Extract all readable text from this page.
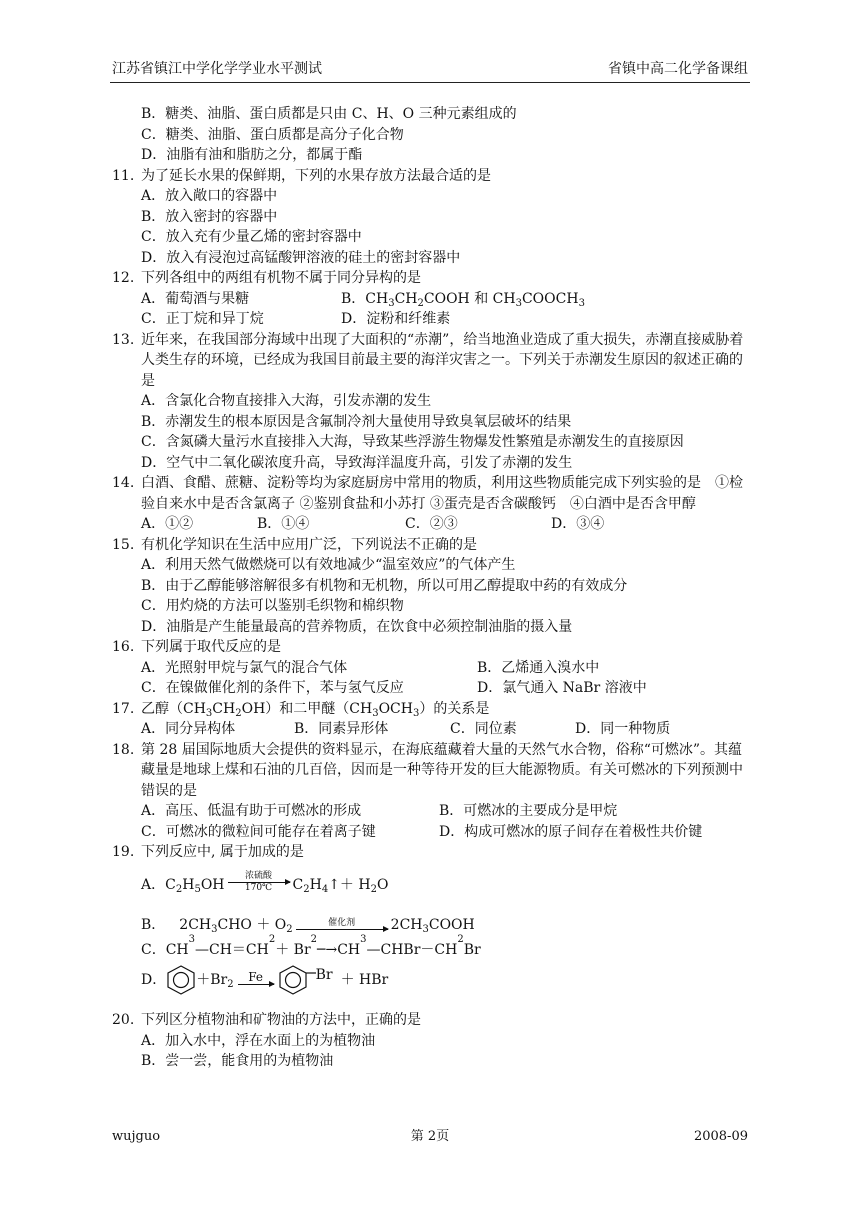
江苏省镇江中学化学学业水平测试	省镇中高二化学备课组
B．糖类、油脂、蛋白质都是只由 C、H、O 三种元素组成的
C．糖类、油脂、蛋白质都是高分子化合物
D．油脂有油和脂肪之分，都属于酯
11. 为了延长水果的保鲜期，下列的水果存放方法最合适的是
A．放入敞口的容器中
B．放入密封的容器中
C．放入充有少量乙烯的密封容器中
D．放入有浸泡过高锰酸钾溶液的硅土的密封容器中
12. 下列各组中的两组有机物不属于同分异构的是
A．葡萄酒与果糖	B．$CH_3CH_2COOH$ 和 $CH_3COOCH_3$
C．正丁烷和异丁烷	D．淀粉和纤维素
13. 近年来，在我国部分海域中出现了大面积的“赤潮”，给当地渔业造成了重大损失，赤潮直接威胁着人类生存的环境，已经成为我国目前最主要的海洋灾害之一。下列关于赤潮发生原因的叙述正确的是
A．含氯化合物直接排入大海，引发赤潮的发生
B．赤潮发生的根本原因是含氟制冷剂大量使用导致臭氧层破坏的结果
C．含氮磷大量污水直接排入大海，导致某些浮游生物爆发性繁殖是赤潮发生的直接原因
D．空气中二氧化碳浓度升高，导致海洋温度升高，引发了赤潮的发生
14. 白酒、食醋、蔗糖、淀粉等均为家庭厨房中常用的物质，利用这些物质能完成下列实验的是　①检验自来水中是否含氯离子 ②鉴别食盐和小苏打 ③蛋壳是否含碳酸钙　④白酒中是否含甲醇
A．①②	B．①④	C．②③	D．③④
15. 有机化学知识在生活中应用广泛，下列说法不正确的是
A．利用天然气做燃烧可以有效地减少“温室效应”的气体产生
B．由于乙醇能够溶解很多有机物和无机物，所以可用乙醇提取中药的有效成分
C．用灼烧的方法可以鉴别毛织物和棉织物
D．油脂是产生能量最高的营养物质，在饮食中必须控制油脂的摄入量
16. 下列属于取代反应的是
A．光照射甲烷与氯气的混合气体	B．乙烯通入溴水中
C．在镍做催化剂的条件下，苯与氢气反应	D．氯气通入 NaBr 溶液中
17. 乙醇$(CH_3CH_2OH)$和二甲醚$(CH_3OCH_3)$的关系是
A．同分异构体	B．同素异形体	C．同位素	D．同一种物质
18. 第 28 届国际地质大会提供的资料显示，在海底蕴藏着大量的天然气水合物，俗称“可燃冰”。其蕴藏量是地球上煤和石油的几百倍，因而是一种等待开发的巨大能源物质。有关可燃冰的下列预测中错误的是
A．高压、低温有助于可燃冰的形成	B．可燃冰的主要成分是甲烷
C．可燃冰的微粒间可能存在着离子键	D．构成可燃冰的原子间存在着极性共价键
19. 下列反应中, 属于加成的是
A． $C_2H_5OH$
浓硫酸
170℃ $C_2H_4↑+ H_2O$
B． $2CH_3CHO + O_2$
催化剂	$2CH_3COOH$
C． CH
3
—CH＝CH
2
＋ Br
2
─→CH
3
—CHBr－CH
2
Br
D． $+Br_2$
Fe	Br ＋ HBr
20. 下列区分植物油和矿物油的方法中，正确的是
A．加入水中，浮在水面上的为植物油
B．尝一尝，能食用的为植物油
wujguo	第 2页	2008-09
